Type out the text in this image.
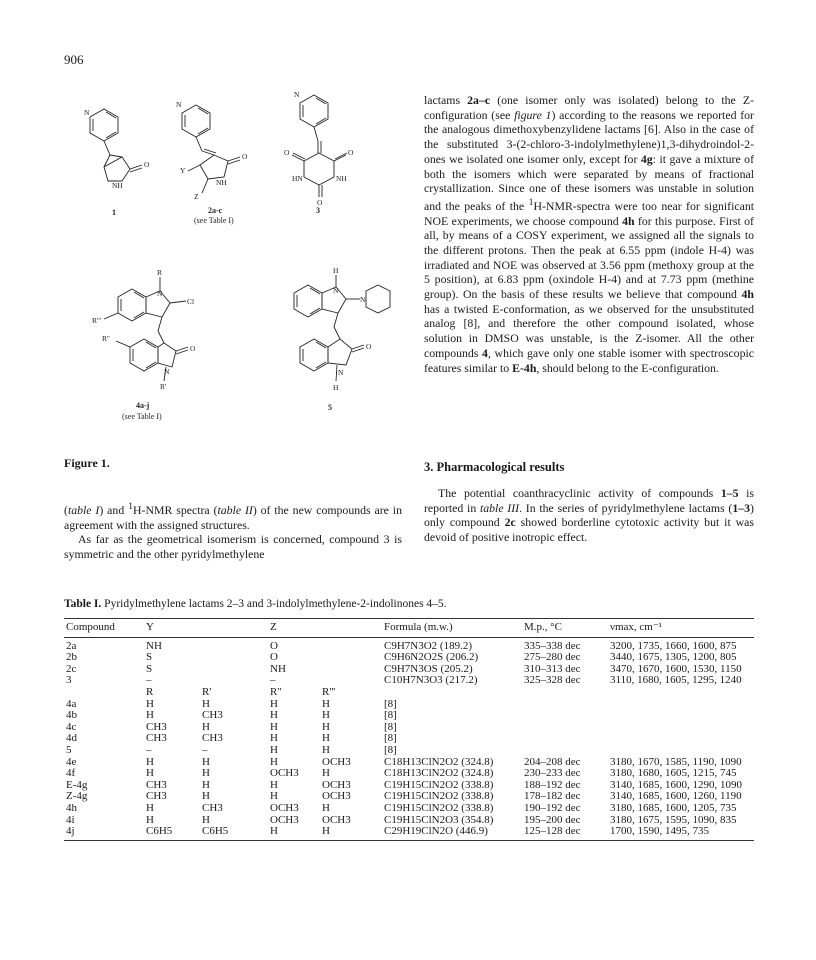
906
N
O
NH
N
Y
O
NH
Z
N
O	O
HN	NH
O
R
N
Cl
R'''
R''
O
N
R'
H
N
N
O
N
H
1	2a-c
(see Table I)
3
4a-j
(see Table I)
5
Figure 1.

(table I) and $^1$H-NMR spectra (table II) of the new compounds are in agreement with the assigned structures.

As far as the geometrical isomerism is concerned, compound 3 is symmetric and the other pyridylmethylene

lactams 2a–c (one isomer only was isolated) belong to the Z-configuration (see figure 1) according to the reasons we reported for the analogous dimethoxybenzylidene lactams [6]. Also in the case of the substituted 3-(2-chloro-3-indolylmethylene)1,3-dihydroindol-2-ones we isolated one isomer only, except for 4g: it gave a mixture of both the isomers which were separated by means of fractional crystallization. Since one of these isomers was unstable in solution and the peaks of the $^1$H-NMR-spectra were too near for significant NOE experiments, we choose compound 4h for this purpose. First of all, by means of a COSY experiment, we assigned all the signals to the different protons. Then the peak at 6.55 ppm (indole H-4) was irradiated and NOE was observed at 3.56 ppm (methoxy group at the 5 position), at 6.83 ppm (oxindole H-4) and at 7.73 ppm (methine group). On the basis of these results we believe that compound 4h has a twisted E-conformation, as we observed for the unsubstituted analog [8], and therefore the other compound isolated, whose solution in DMSO was unstable, is the Z-isomer. All the other compounds 4, which gave only one stable isomer with spectroscopic features similar to E-4h, should belong to the E-configuration.

3. Pharmacological results

The potential coanthracyclinic activity of compounds 1–5 is reported in table III. In the series of pyridylmethylene lactams (1–3) only compound 2c showed borderline cytotoxic activity but it was devoid of positive inotropic effect.

Table I. Pyridylmethylene lactams 2–3 and 3-indolylmethylene-2-indolinones 4–5.
Compound	Y		Z		Formula (m.w.)	M.p., °C	νmax, cm⁻¹
2a	NH		O		C9H7N3O2 (189.2)	335–338 dec	3200, 1735, 1660, 1600, 875
2b	S		O		C9H6N2O2S (206.2)	275–280 dec	3440, 1675, 1305, 1200, 805
2c	S		NH		C9H7N3OS (205.2)	310–313 dec	3470, 1670, 1600, 1530, 1150
3	–		–		C10H7N3O3 (217.2)	325–328 dec	3110, 1680, 1605, 1295, 1240
	R	R'	R''	R'''			
4a	H	H	H	H	[8]		
4b	H	CH3	H	H	[8]		
4c	CH3	H	H	H	[8]		
4d	CH3	CH3	H	H	[8]		
5	–	–	H	H	[8]		
4e	H	H	H	OCH3	C18H13ClN2O2 (324.8)	204–208 dec	3180, 1670, 1585, 1190, 1090
4f	H	H	OCH3	H	C18H13ClN2O2 (324.8)	230–233 dec	3180, 1680, 1605, 1215, 745
E-4g	CH3	H	H	OCH3	C19H15ClN2O2 (338.8)	188–192 dec	3140, 1685, 1600, 1290, 1090
Z-4g	CH3	H	H	OCH3	C19H15ClN2O2 (338.8)	178–182 dec	3140, 1685, 1600, 1260, 1190
4h	H	CH3	OCH3	H	C19H15ClN2O2 (338.8)	190–192 dec	3180, 1685, 1600, 1205, 735
4i	H	H	OCH3	OCH3	C19H15ClN2O3 (354.8)	195–200 dec	3180, 1675, 1595, 1090, 835
4j	C6H5	C6H5	H	H	C29H19ClN2O (446.9)	125–128 dec	1700, 1590, 1495, 735
